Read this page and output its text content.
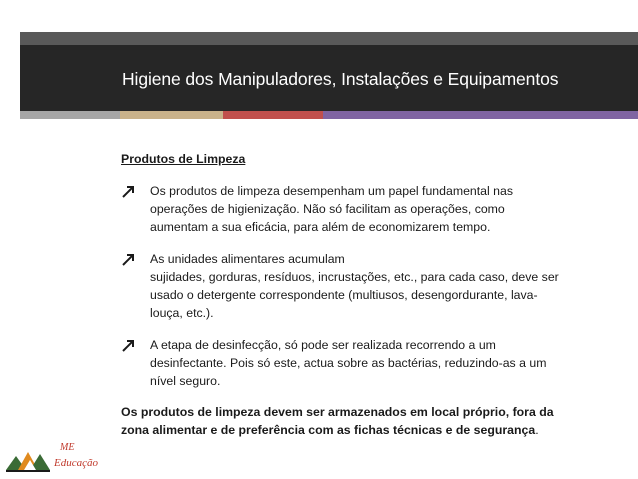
Higiene dos Manipuladores, Instalações e Equipamentos
Produtos de Limpeza
Os produtos de limpeza desempenham um papel fundamental nas
operações de higienização. Não só facilitam as operações, como
aumentam a sua eficácia, para além de economizarem tempo.
As unidades alimentares acumulam
sujidades, gorduras, resíduos, incrustações, etc., para cada caso, deve ser
usado o detergente correspondente (multiusos, desengordurante, lava-
louça, etc.).
A etapa de desinfecção, só pode ser realizada recorrendo a um
desinfectante. Pois só este, actua sobre as bactérias, reduzindo-as a um
nível seguro.
Os produtos de limpeza devem ser armazenados em local próprio, fora da
zona alimentar e de preferência com as fichas técnicas e de segurança.
ME
Educação
